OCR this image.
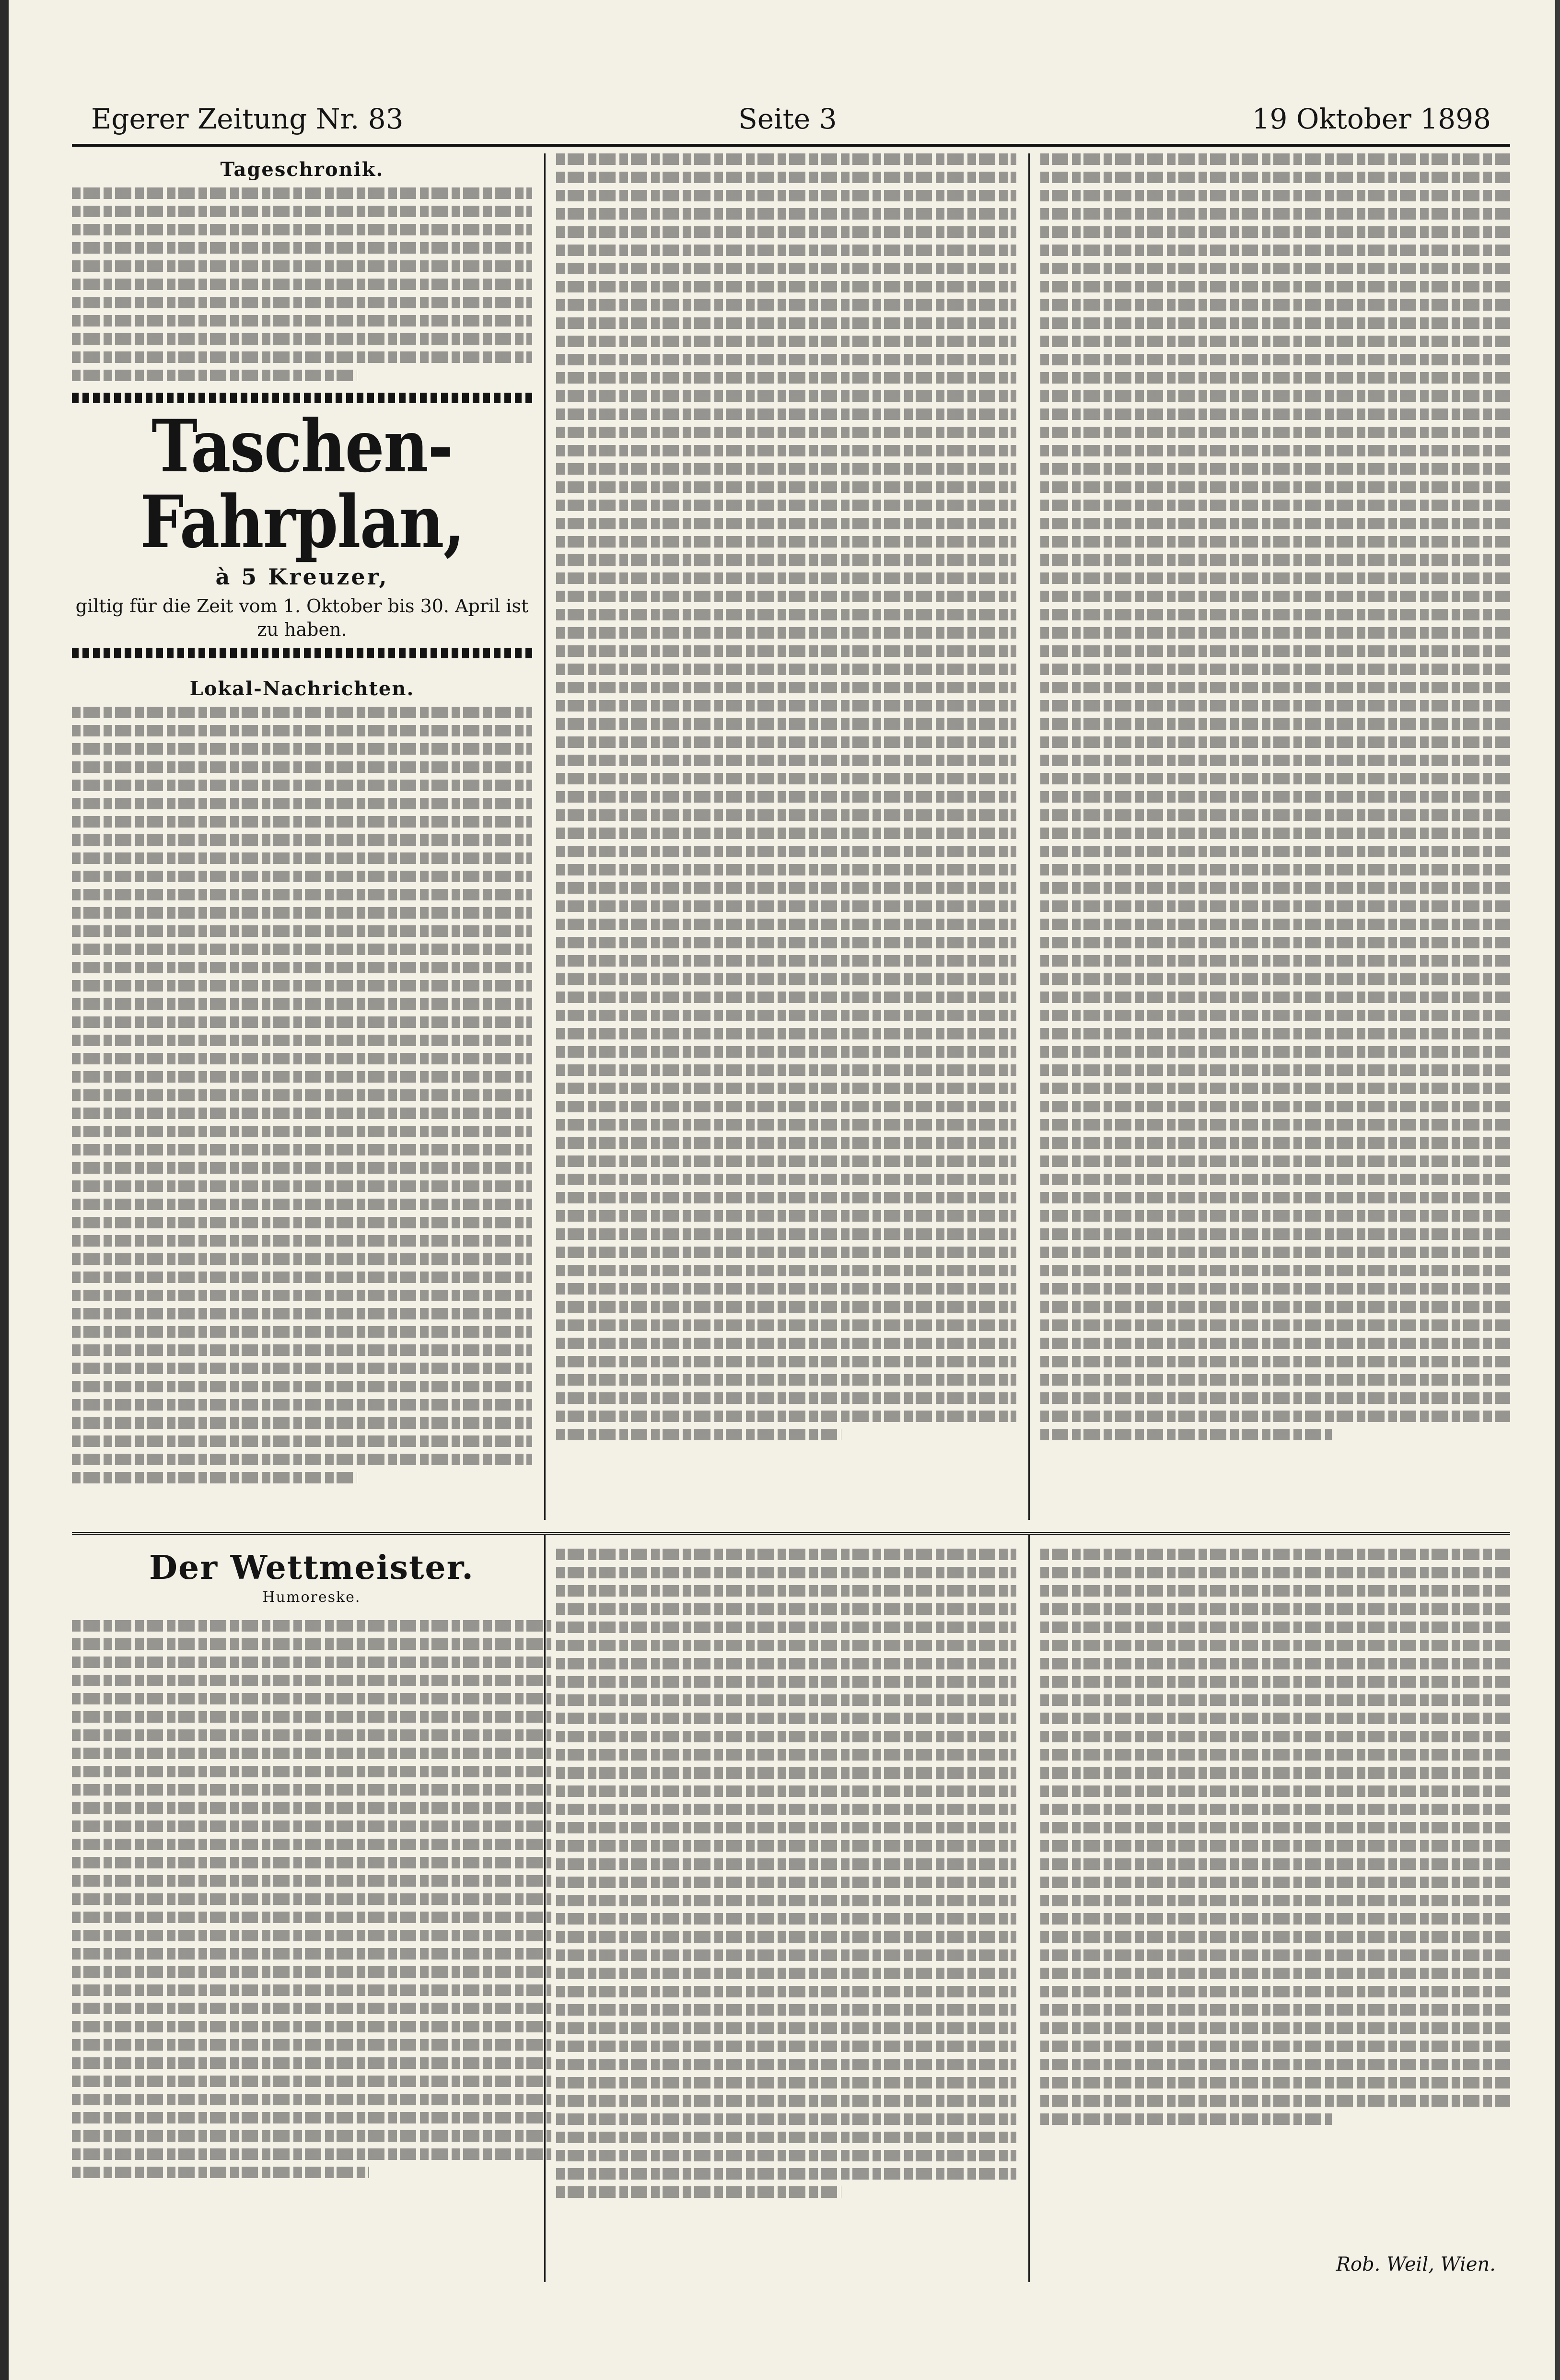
Egerer Zeitung Nr. 83	Seite 3	19 Oktober 1898
Tageschronik.
Taschen-Fahrplan,
à 5 Kreuzer,
giltig für die Zeit vom 1. Oktober bis 30. April ist zu haben.
Lokal-Nachrichten.
Der Wettmeister.
Humoreske.
Rob. Weil, Wien.
